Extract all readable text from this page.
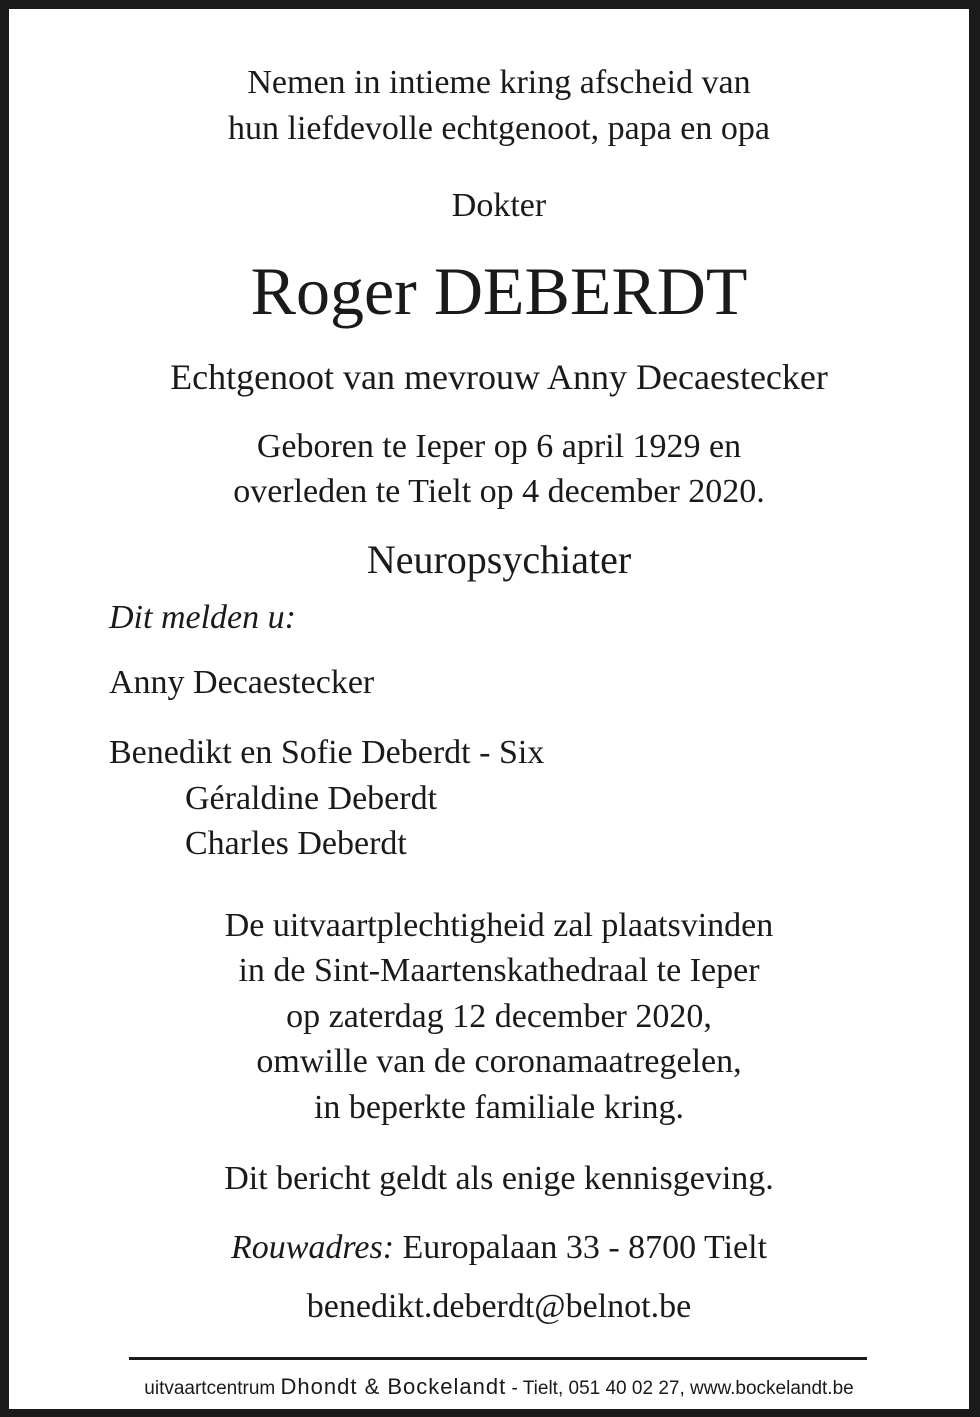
Nemen in intieme kring afscheid van
hun liefdevolle echtgenoot, papa en opa
Dokter
Roger DEBERDT
Echtgenoot van mevrouw Anny Decaestecker
Geboren te Ieper op 6 april 1929 en
overleden te Tielt op 4 december 2020.
Neuropsychiater
Dit melden u:
Anny Decaestecker
Benedikt en Sofie Deberdt - Six
Géraldine Deberdt
Charles Deberdt
De uitvaartplechtigheid zal plaatsvinden
in de Sint-Maartenskathedraal te Ieper
op zaterdag 12 december 2020,
omwille van de coronamaatregelen,
in beperkte familiale kring.
Dit bericht geldt als enige kennisgeving.
Rouwadres: Europalaan 33 - 8700 Tielt
benedikt.deberdt@belnot.be
uitvaartcentrum Dhondt & Bockelandt - Tielt, 051 40 02 27, www.bockelandt.be
